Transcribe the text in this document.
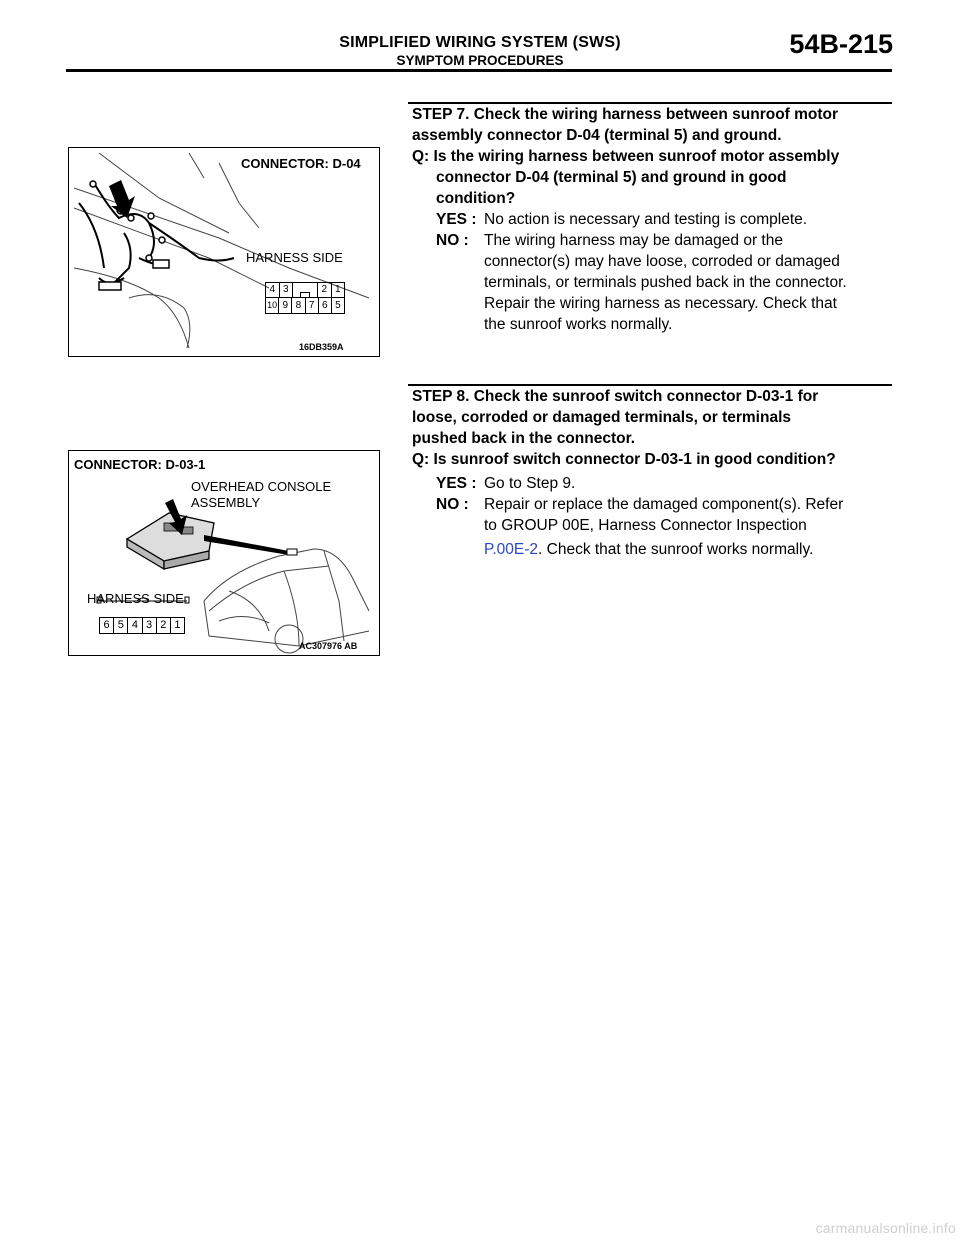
SIMPLIFIED WIRING SYSTEM (SWS)
SYMPTOM PROCEDURES
54B-215
CONNECTOR: D-04
HARNESS SIDE
4 3	2 1
10 9 8 7 6 5
16DB359A
CONNECTOR: D-03-1
OVERHEAD CONSOLE
ASSEMBLY
HARNESS SIDE
6 5 4 3 2 1
AC307976 AB
STEP 7. Check the wiring harness between sunroof motor
assembly connector D-04 (terminal 5) and ground.
Q: Is the wiring harness between sunroof motor assembly
connector D-04 (terminal 5) and ground in good
condition?
YES : No action is necessary and testing is complete.
NO : The wiring harness may be damaged or the
connector(s) may have loose, corroded or damaged
terminals, or terminals pushed back in the connector.
Repair the wiring harness as necessary. Check that
the sunroof works normally.
STEP 8. Check the sunroof switch connector D-03-1 for
loose, corroded or damaged terminals, or terminals
pushed back in the connector.
Q: Is sunroof switch connector D-03-1 in good condition?
YES : Go to Step 9.
NO : Repair or replace the damaged component(s). Refer
to GROUP 00E, Harness Connector Inspection
P.00E-2. Check that the sunroof works normally.
carmanualsonline.info
